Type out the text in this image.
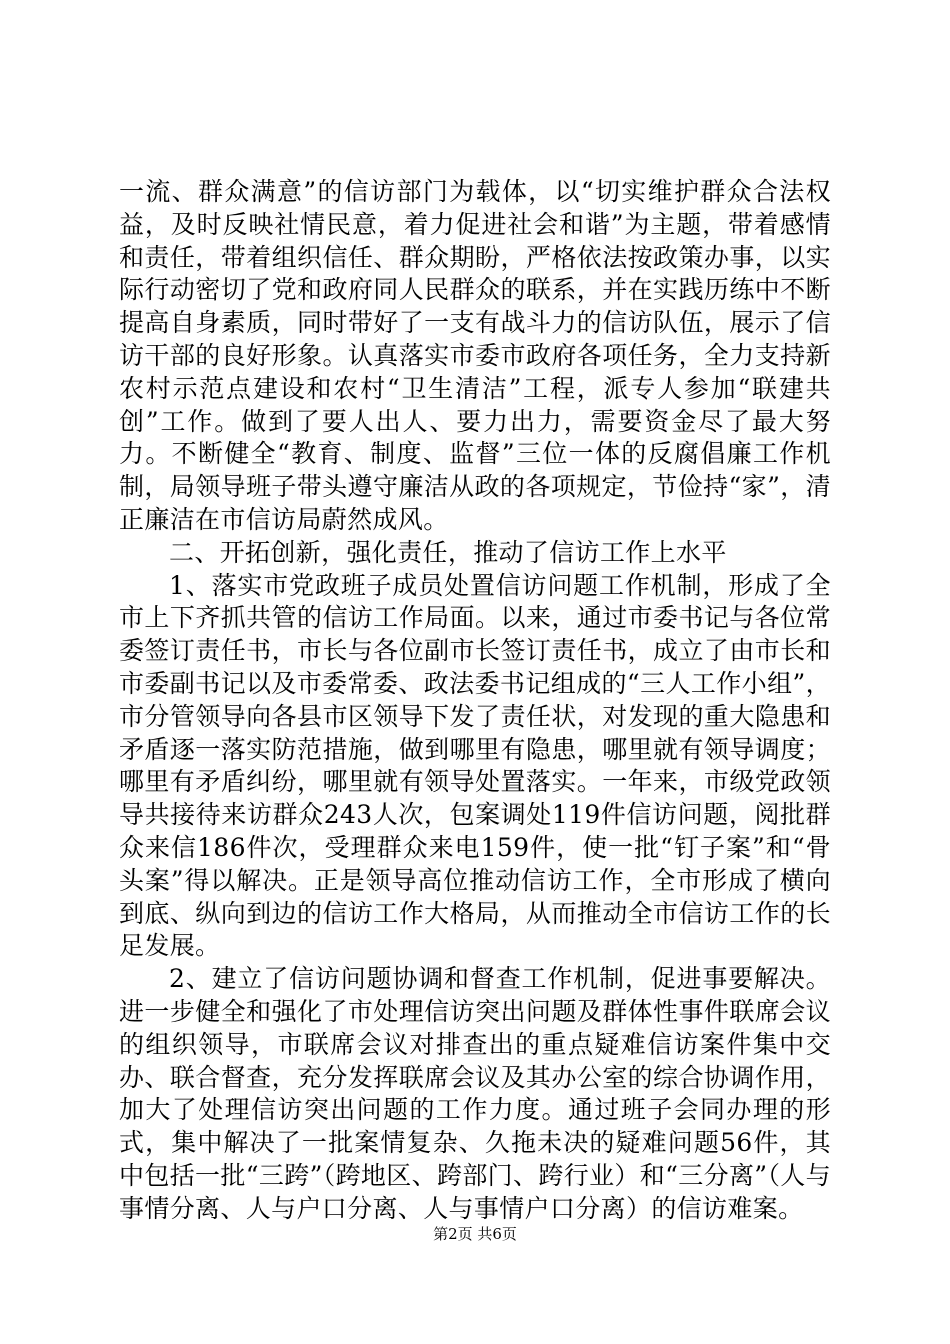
一流、群众满意”的信访部门为载体，以“切实维护群众合法权益，及时反映社情民意，着力促进社会和谐”为主题，带着感情和责任，带着组织信任、群众期盼，严格依法按政策办事，以实际行动密切了党和政府同人民群众的联系，并在实践历练中不断提高自身素质，同时带好了一支有战斗力的信访队伍，展示了信访干部的良好形象。认真落实市委市政府各项任务，全力支持新农村示范点建设和农村“卫生清洁”工程，派专人参加“联建共创”工作。做到了要人出人、要力出力，需要资金尽了最大努力。不断健全“教育、制度、监督”三位一体的反腐倡廉工作机制，局领导班子带头遵守廉洁从政的各项规定，节俭持“家”，清正廉洁在市信访局蔚然成风。

二、开拓创新，强化责任，推动了信访工作上水平

1、落实市党政班子成员处置信访问题工作机制，形成了全市上下齐抓共管的信访工作局面。以来，通过市委书记与各位常委签订责任书，市长与各位副市长签订责任书，成立了由市长和市委副书记以及市委常委、政法委书记组成的“三人工作小组”，市分管领导向各县市区领导下发了责任状，对发现的重大隐患和矛盾逐一落实防范措施，做到哪里有隐患，哪里就有领导调度；哪里有矛盾纠纷，哪里就有领导处置落实。一年来，市级党政领导共接待来访群众243人次，包案调处119件信访问题，阅批群众来信186件次，受理群众来电159件，使一批“钉子案”和“骨头案”得以解决。正是领导高位推动信访工作，全市形成了横向到底、纵向到边的信访工作大格局，从而推动全市信访工作的长足发展。

2、建立了信访问题协调和督查工作机制，促进事要解决。进一步健全和强化了市处理信访突出问题及群体性事件联席会议的组织领导，市联席会议对排查出的重点疑难信访案件集中交办、联合督查，充分发挥联席会议及其办公室的综合协调作用，加大了处理信访突出问题的工作力度。通过班子会同办理的形式，集中解决了一批案情复杂、久拖未决的疑难问题56件，其中包括一批“三跨”（跨地区、跨部门、跨行业）和“三分离”（人与事情分离、人与户口分离、人与事情户口分离）的信访难案。

第2页 共6页
